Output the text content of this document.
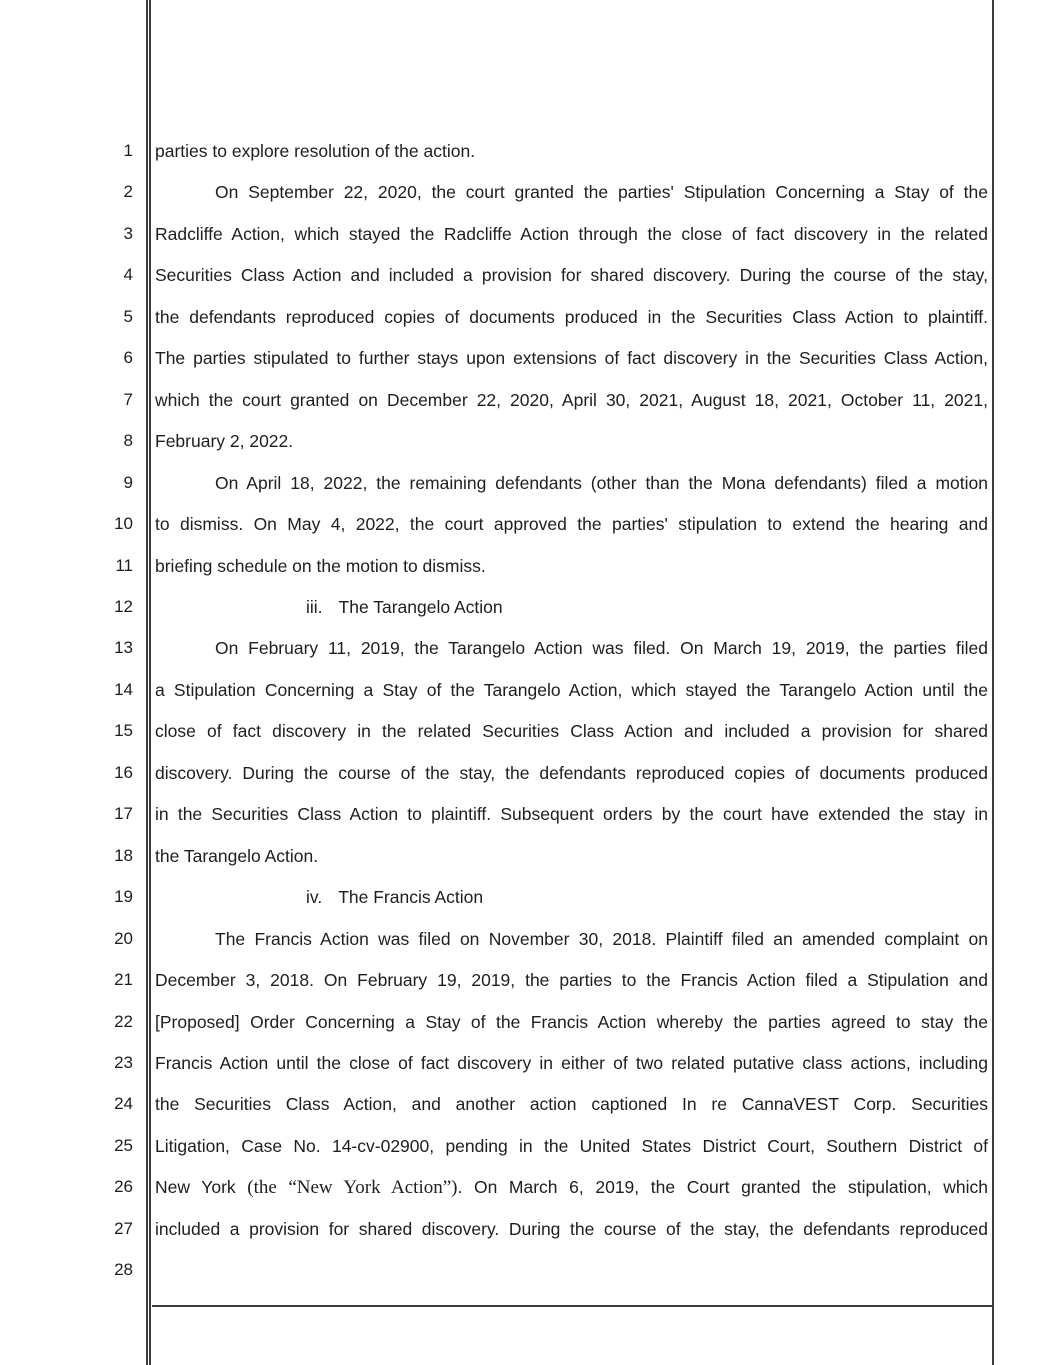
1
2
3
4
5
6
7
8
9
10
11
12
13
14
15
16
17
18
19
20
21
22
23
24
25
26
27
28
parties to explore resolution of the action.
On September 22, 2020, the court granted the parties' Stipulation Concerning a Stay of the
Radcliffe Action, which stayed the Radcliffe Action through the close of fact discovery in the related
Securities Class Action and included a provision for shared discovery. During the course of the stay,
the defendants reproduced copies of documents produced in the Securities Class Action to plaintiff.
The parties stipulated to further stays upon extensions of fact discovery in the Securities Class Action,
which the court granted on December 22, 2020, April 30, 2021, August 18, 2021, October 11, 2021,
February 2, 2022.
On April 18, 2022, the remaining defendants (other than the Mona defendants) filed a motion
to dismiss. On May 4, 2022, the court approved the parties' stipulation to extend the hearing and
briefing schedule on the motion to dismiss.
iii. The Tarangelo Action
On February 11, 2019, the Tarangelo Action was filed. On March 19, 2019, the parties filed
a Stipulation Concerning a Stay of the Tarangelo Action, which stayed the Tarangelo Action until the
close of fact discovery in the related Securities Class Action and included a provision for shared
discovery. During the course of the stay, the defendants reproduced copies of documents produced
in the Securities Class Action to plaintiff. Subsequent orders by the court have extended the stay in
the Tarangelo Action.
iv. The Francis Action
The Francis Action was filed on November 30, 2018. Plaintiff filed an amended complaint on
December 3, 2018. On February 19, 2019, the parties to the Francis Action filed a Stipulation and
[Proposed] Order Concerning a Stay of the Francis Action whereby the parties agreed to stay the
Francis Action until the close of fact discovery in either of two related putative class actions, including
the Securities Class Action, and another action captioned In re CannaVEST Corp. Securities
Litigation, Case No. 14-cv-02900, pending in the United States District Court, Southern District of
New York (the “New York Action”). On March 6, 2019, the Court granted the stipulation, which
included a provision for shared discovery. During the course of the stay, the defendants reproduced
